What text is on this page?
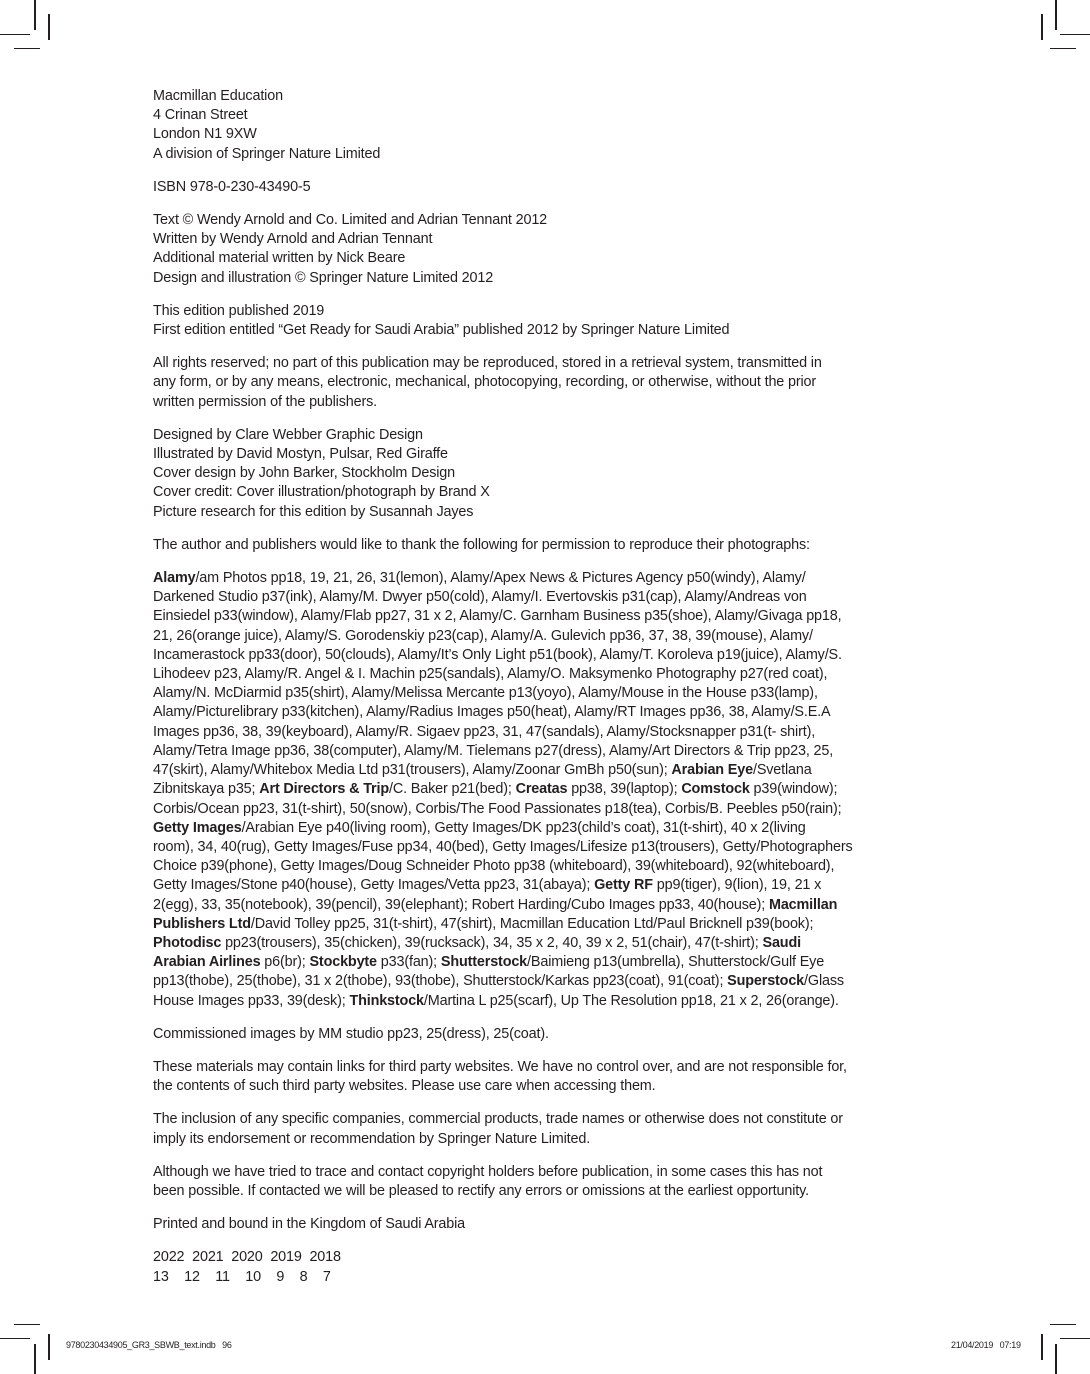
Macmillan Education
4 Crinan Street
London N1 9XW
A division of Springer Nature Limited
ISBN 978-0-230-43490-5
Text © Wendy Arnold and Co. Limited and Adrian Tennant 2012
Written by Wendy Arnold and Adrian Tennant
Additional material written by Nick Beare
Design and illustration © Springer Nature Limited 2012
This edition published 2019
First edition entitled “Get Ready for Saudi Arabia” published 2012 by Springer Nature Limited
All rights reserved; no part of this publication may be reproduced, stored in a retrieval system, transmitted in
any form, or by any means, electronic, mechanical, photocopying, recording, or otherwise, without the prior
written permission of the publishers.
Designed by Clare Webber Graphic Design
Illustrated by David Mostyn, Pulsar, Red Giraffe
Cover design by John Barker, Stockholm Design
Cover credit: Cover illustration/photograph by Brand X
Picture research for this edition by Susannah Jayes
The author and publishers would like to thank the following for permission to reproduce their photographs:
Alamy/am Photos pp18, 19, 21, 26, 31(lemon), Alamy/Apex News & Pictures Agency p50(windy), Alamy/
Darkened Studio p37(ink), Alamy/M. Dwyer p50(cold), Alamy/I. Evertovskis p31(cap), Alamy/Andreas von
Einsiedel p33(window), Alamy/Flab pp27, 31 x 2, Alamy/C. Garnham Business p35(shoe), Alamy/Givaga pp18,
21, 26(orange juice), Alamy/S. Gorodenskiy p23(cap), Alamy/A. Gulevich pp36, 37, 38, 39(mouse), Alamy/
Incamerastock pp33(door), 50(clouds), Alamy/It’s Only Light p51(book), Alamy/T. Koroleva p19(juice), Alamy/S.
Lihodeev p23, Alamy/R. Angel & I. Machin p25(sandals), Alamy/O. Maksymenko Photography p27(red coat),
Alamy/N. McDiarmid p35(shirt), Alamy/Melissa Mercante p13(yoyo), Alamy/Mouse in the House p33(lamp),
Alamy/Picturelibrary p33(kitchen), Alamy/Radius Images p50(heat), Alamy/RT Images pp36, 38, Alamy/S.E.A
Images pp36, 38, 39(keyboard), Alamy/R. Sigaev pp23, 31, 47(sandals), Alamy/Stocksnapper p31(t- shirt),
Alamy/Tetra Image pp36, 38(computer), Alamy/M. Tielemans p27(dress), Alamy/Art Directors & Trip pp23, 25,
47(skirt), Alamy/Whitebox Media Ltd p31(trousers), Alamy/Zoonar GmBh p50(sun); Arabian Eye/Svetlana
Zibnitskaya p35; Art Directors & Trip/C. Baker p21(bed); Creatas pp38, 39(laptop); Comstock p39(window);
Corbis/Ocean pp23, 31(t-shirt), 50(snow), Corbis/The Food Passionates p18(tea), Corbis/B. Peebles p50(rain);
Getty Images/Arabian Eye p40(living room), Getty Images/DK pp23(child’s coat), 31(t-shirt), 40 x 2(living
room), 34, 40(rug), Getty Images/Fuse pp34, 40(bed), Getty Images/Lifesize p13(trousers), Getty/Photographers
Choice p39(phone), Getty Images/Doug Schneider Photo pp38 (whiteboard), 39(whiteboard), 92(whiteboard),
Getty Images/Stone p40(house), Getty Images/Vetta pp23, 31(abaya); Getty RF pp9(tiger), 9(lion), 19, 21 x
2(egg), 33, 35(notebook), 39(pencil), 39(elephant); Robert Harding/Cubo Images pp33, 40(house); Macmillan
Publishers Ltd/David Tolley pp25, 31(t-shirt), 47(shirt), Macmillan Education Ltd/Paul Bricknell p39(book);
Photodisc pp23(trousers), 35(chicken), 39(rucksack), 34, 35 x 2, 40, 39 x 2, 51(chair), 47(t-shirt); Saudi
Arabian Airlines p6(br); Stockbyte p33(fan); Shutterstock/Baimieng p13(umbrella), Shutterstock/Gulf Eye
pp13(thobe), 25(thobe), 31 x 2(thobe), 93(thobe), Shutterstock/Karkas pp23(coat), 91(coat); Superstock/Glass
House Images pp33, 39(desk); Thinkstock/Martina L p25(scarf), Up The Resolution pp18, 21 x 2, 26(orange).
Commissioned images by MM studio pp23, 25(dress), 25(coat).
These materials may contain links for third party websites. We have no control over, and are not responsible for,
the contents of such third party websites. Please use care when accessing them.
The inclusion of any specific companies, commercial products, trade names or otherwise does not constitute or
imply its endorsement or recommendation by Springer Nature Limited.
Although we have tried to trace and contact copyright holders before publication, in some cases this has not
been possible. If contacted we will be pleased to rectify any errors or omissions at the earliest opportunity.
Printed and bound in the Kingdom of Saudi Arabia
2022  2021  2020  2019  2018
13    12    11    10    9    8    7
9780230434905_GR3_SBWB_text.indb   96	21/04/2019   07:19
